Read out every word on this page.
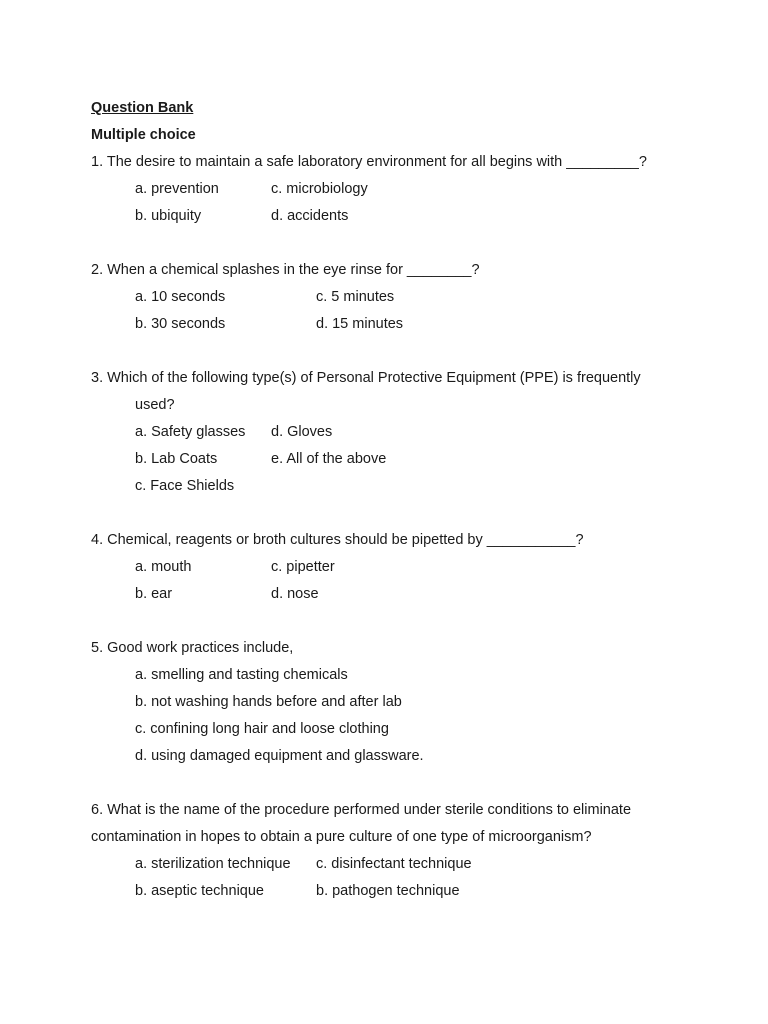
Question Bank
Multiple choice
1. The desire to maintain a safe laboratory environment for all begins with _________?
a. prevention	c. microbiology
b. ubiquity	d. accidents
2. When a chemical splashes in the eye rinse for ________?
a. 10 seconds	c. 5 minutes
b. 30 seconds	d. 15 minutes
3. Which of the following type(s) of Personal Protective Equipment (PPE) is frequently
used?
a. Safety glasses d. Gloves
b. Lab Coats	e. All of the above
c. Face Shields
4. Chemical, reagents or broth cultures should be pipetted by ___________?
a. mouth	c. pipetter
b. ear	d. nose
5. Good work practices include,
a. smelling and tasting chemicals
b. not washing hands before and after lab
c. confining long hair and loose clothing
d. using damaged equipment and glassware.
6. What is the name of the procedure performed under sterile conditions to eliminate
contamination in hopes to obtain a pure culture of one type of microorganism?
a. sterilization technique c. disinfectant technique
b. aseptic technique	b. pathogen technique
